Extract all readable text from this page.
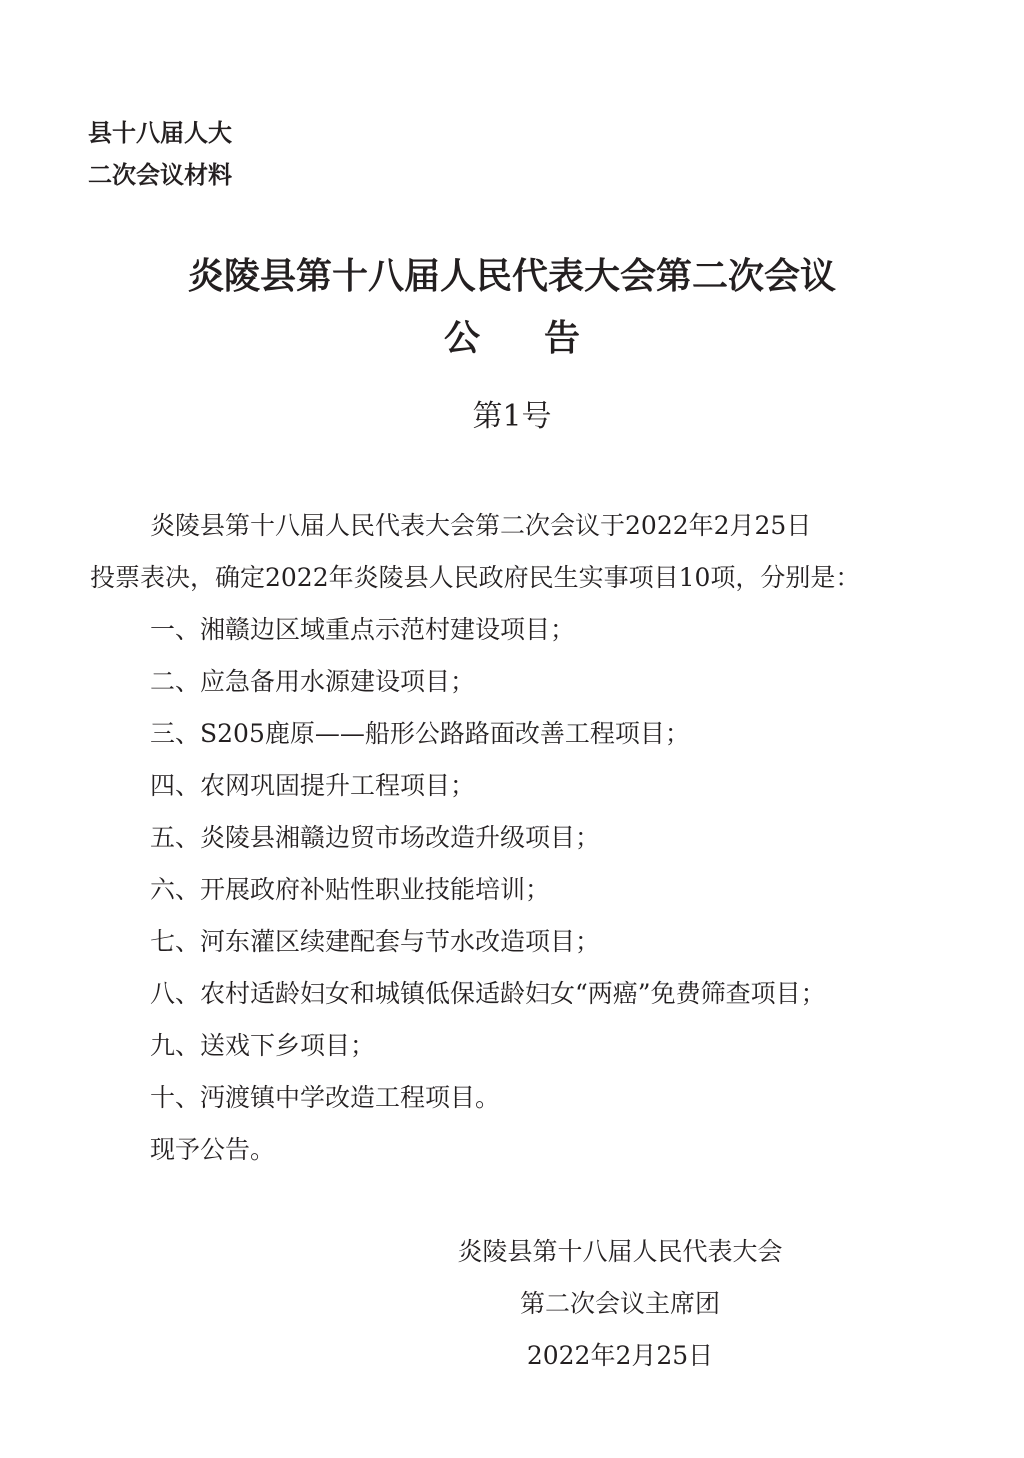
县十八届人大
二次会议材料
炎陵县第十八届人民代表大会第二次会议
公告
第1号
炎陵县第十八届人民代表大会第二次会议于2022年2月25日
投票表决，确定2022年炎陵县人民政府民生实事项目10项，分别是：
一、湘赣边区域重点示范村建设项目；
二、应急备用水源建设项目；
三、S205鹿原——船形公路路面改善工程项目；
四、农网巩固提升工程项目；
五、炎陵县湘赣边贸市场改造升级项目；
六、开展政府补贴性职业技能培训；
七、河东灌区续建配套与节水改造项目；
八、农村适龄妇女和城镇低保适龄妇女“两癌”免费筛查项目；
九、送戏下乡项目；
十、沔渡镇中学改造工程项目。
现予公告。
炎陵县第十八届人民代表大会
第二次会议主席团
2022年2月25日
